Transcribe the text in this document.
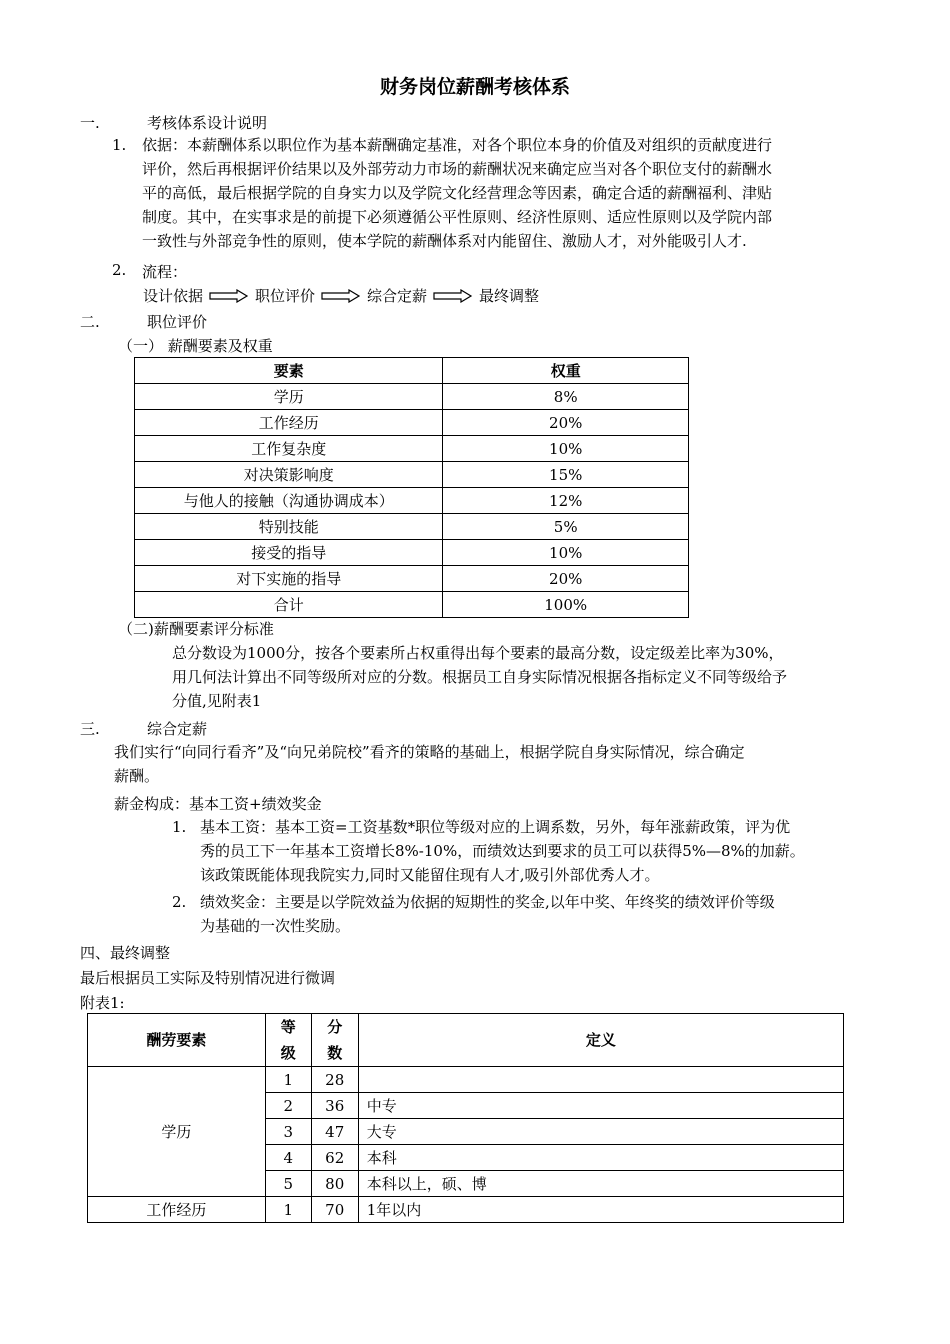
财务岗位薪酬考核体系
一.	考核体系设计说明
1. 依据：本薪酬体系以职位作为基本薪酬确定基准，对各个职位本身的价值及对组织的贡献度进行
评价，然后再根据评价结果以及外部劳动力市场的薪酬状况来确定应当对各个职位支付的薪酬水
平的高低，最后根据学院的自身实力以及学院文化经营理念等因素，确定合适的薪酬福利、津贴
制度。其中，在实事求是的前提下必须遵循公平性原则、经济性原则、适应性原则以及学院内部
一致性与外部竞争性的原则，使本学院的薪酬体系对内能留住、激励人才，对外能吸引人才.
2. 流程：
设计依据	职位评价	综合定薪	最终调整
二.	职位评价
（一） 薪酬要素及权重
要素	权重
学历	8%
工作经历	20%
工作复杂度	10%
对决策影响度	15%
与他人的接触（沟通协调成本）	12%
特别技能	5%
接受的指导	10%
对下实施的指导	20%
合计	100%
（二)薪酬要素评分标准
总分数设为1000分，按各个要素所占权重得出每个要素的最高分数，设定级差比率为30%，
用几何法计算出不同等级所对应的分数。根据员工自身实际情况根据各指标定义不同等级给予
分值,见附表1
三.	综合定薪
我们实行“向同行看齐”及“向兄弟院校”看齐的策略的基础上，根据学院自身实际情况，综合确定
薪酬。
薪金构成：基本工资+绩效奖金
1. 基本工资：基本工资=工资基数*职位等级对应的上调系数，另外，每年涨薪政策，评为优
秀的员工下一年基本工资增长8%-10%，而绩效达到要求的员工可以获得5%—8%的加薪。
该政策既能体现我院实力,同时又能留住现有人才,吸引外部优秀人才。
2. 绩效奖金：主要是以学院效益为依据的短期性的奖金,以年中奖、年终奖的绩效评价等级
为基础的一次性奖励。
四、最终调整
最后根据员工实际及特别情况进行微调
附表1:
酬劳要素	等级	分数	定义
学历	1	28	
	2	36	中专
	3	47	大专
	4	62	本科
	5	80	本科以上，硕、博
工作经历	1	70	1年以内
